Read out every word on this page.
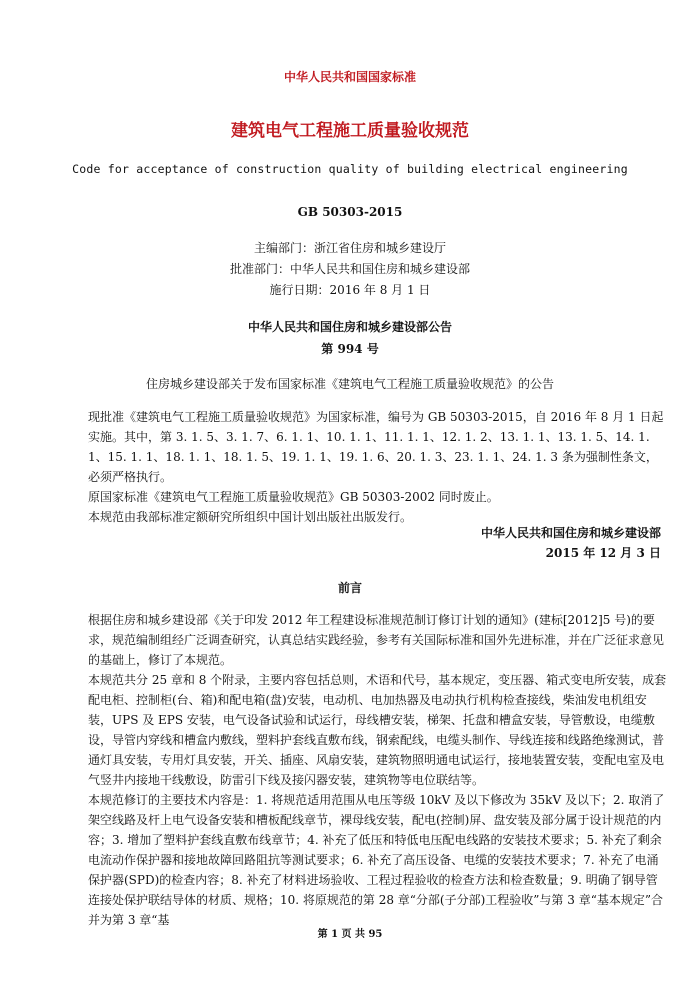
中华人民共和国国家标准

建筑电气工程施工质量验收规范

Code for acceptance of construction quality of building electrical engineering

GB 50303-2015

主编部门：浙江省住房和城乡建设厅

批准部门：中华人民共和国住房和城乡建设部

施行日期：2016 年 8 月 1 日

中华人民共和国住房和城乡建设部公告

第 994 号

住房城乡建设部关于发布国家标准《建筑电气工程施工质量验收规范》的公告

现批准《建筑电气工程施工质量验收规范》为国家标准，编号为 GB 50303-2015，自 2016 年 8 月 1 日起实施。其中，第 3. 1. 5、3. 1. 7、6. 1. 1、10. 1. 1、11. 1. 1、12. 1. 2、13. 1. 1、13. 1. 5、14. 1. 1、15. 1. 1、18. 1. 1、18. 1. 5、19. 1. 1、19. 1. 6、20. 1. 3、23. 1. 1、24. 1. 3 条为强制性条文，必须严格执行。

原国家标准《建筑电气工程施工质量验收规范》GB 50303-2002 同时废止。

本规范由我部标准定额研究所组织中国计划出版社出版发行。

中华人民共和国住房和城乡建设部

2015 年 12 月 3 日

前言

根据住房和城乡建设部《关于印发 2012 年工程建设标准规范制订修订计划的通知》(建标[2012]5 号)的要求，规范编制组经广泛调查研究，认真总结实践经验，参考有关国际标准和国外先进标准，并在广泛征求意见的基础上，修订了本规范。

本规范共分 25 章和 8 个附录，主要内容包括总则，术语和代号，基本规定，变压器、箱式变电所安装，成套配电柜、控制柜(台、箱)和配电箱(盘)安装，电动机、电加热器及电动执行机构检查接线，柴油发电机组安装，UPS 及 EPS 安装，电气设备试验和试运行，母线槽安装，梯架、托盘和槽盒安装，导管敷设，电缆敷设，导管内穿线和槽盒内敷线，塑料护套线直敷布线，钢索配线，电缆头制作、导线连接和线路绝缘测试，普通灯具安装，专用灯具安装，开关、插座、风扇安装，建筑物照明通电试运行，接地装置安装，变配电室及电气竖井内接地干线敷设，防雷引下线及接闪器安装，建筑物等电位联结等。

本规范修订的主要技术内容是：1. 将规范适用范围从电压等级 10kV 及以下修改为 35kV 及以下；2. 取消了架空线路及杆上电气设备安装和槽板配线章节，裸母线安装，配电(控制)屏、盘安装及部分属于设计规范的内容；3. 增加了塑料护套线直敷布线章节；4. 补充了低压和特低电压配电线路的安装技术要求；5. 补充了剩余电流动作保护器和接地故障回路阻抗等测试要求；6. 补充了高压设备、电缆的安装技术要求；7. 补充了电涌保护器(SPD)的检查内容；8. 补充了材料进场验收、工程过程验收的检查方法和检查数量；9. 明确了钢导管连接处保护联结导体的材质、规格；10. 将原规范的第 28 章“分部(子分部)工程验收”与第 3 章“基本规定”合并为第 3 章“基

第 1 页 共 95
